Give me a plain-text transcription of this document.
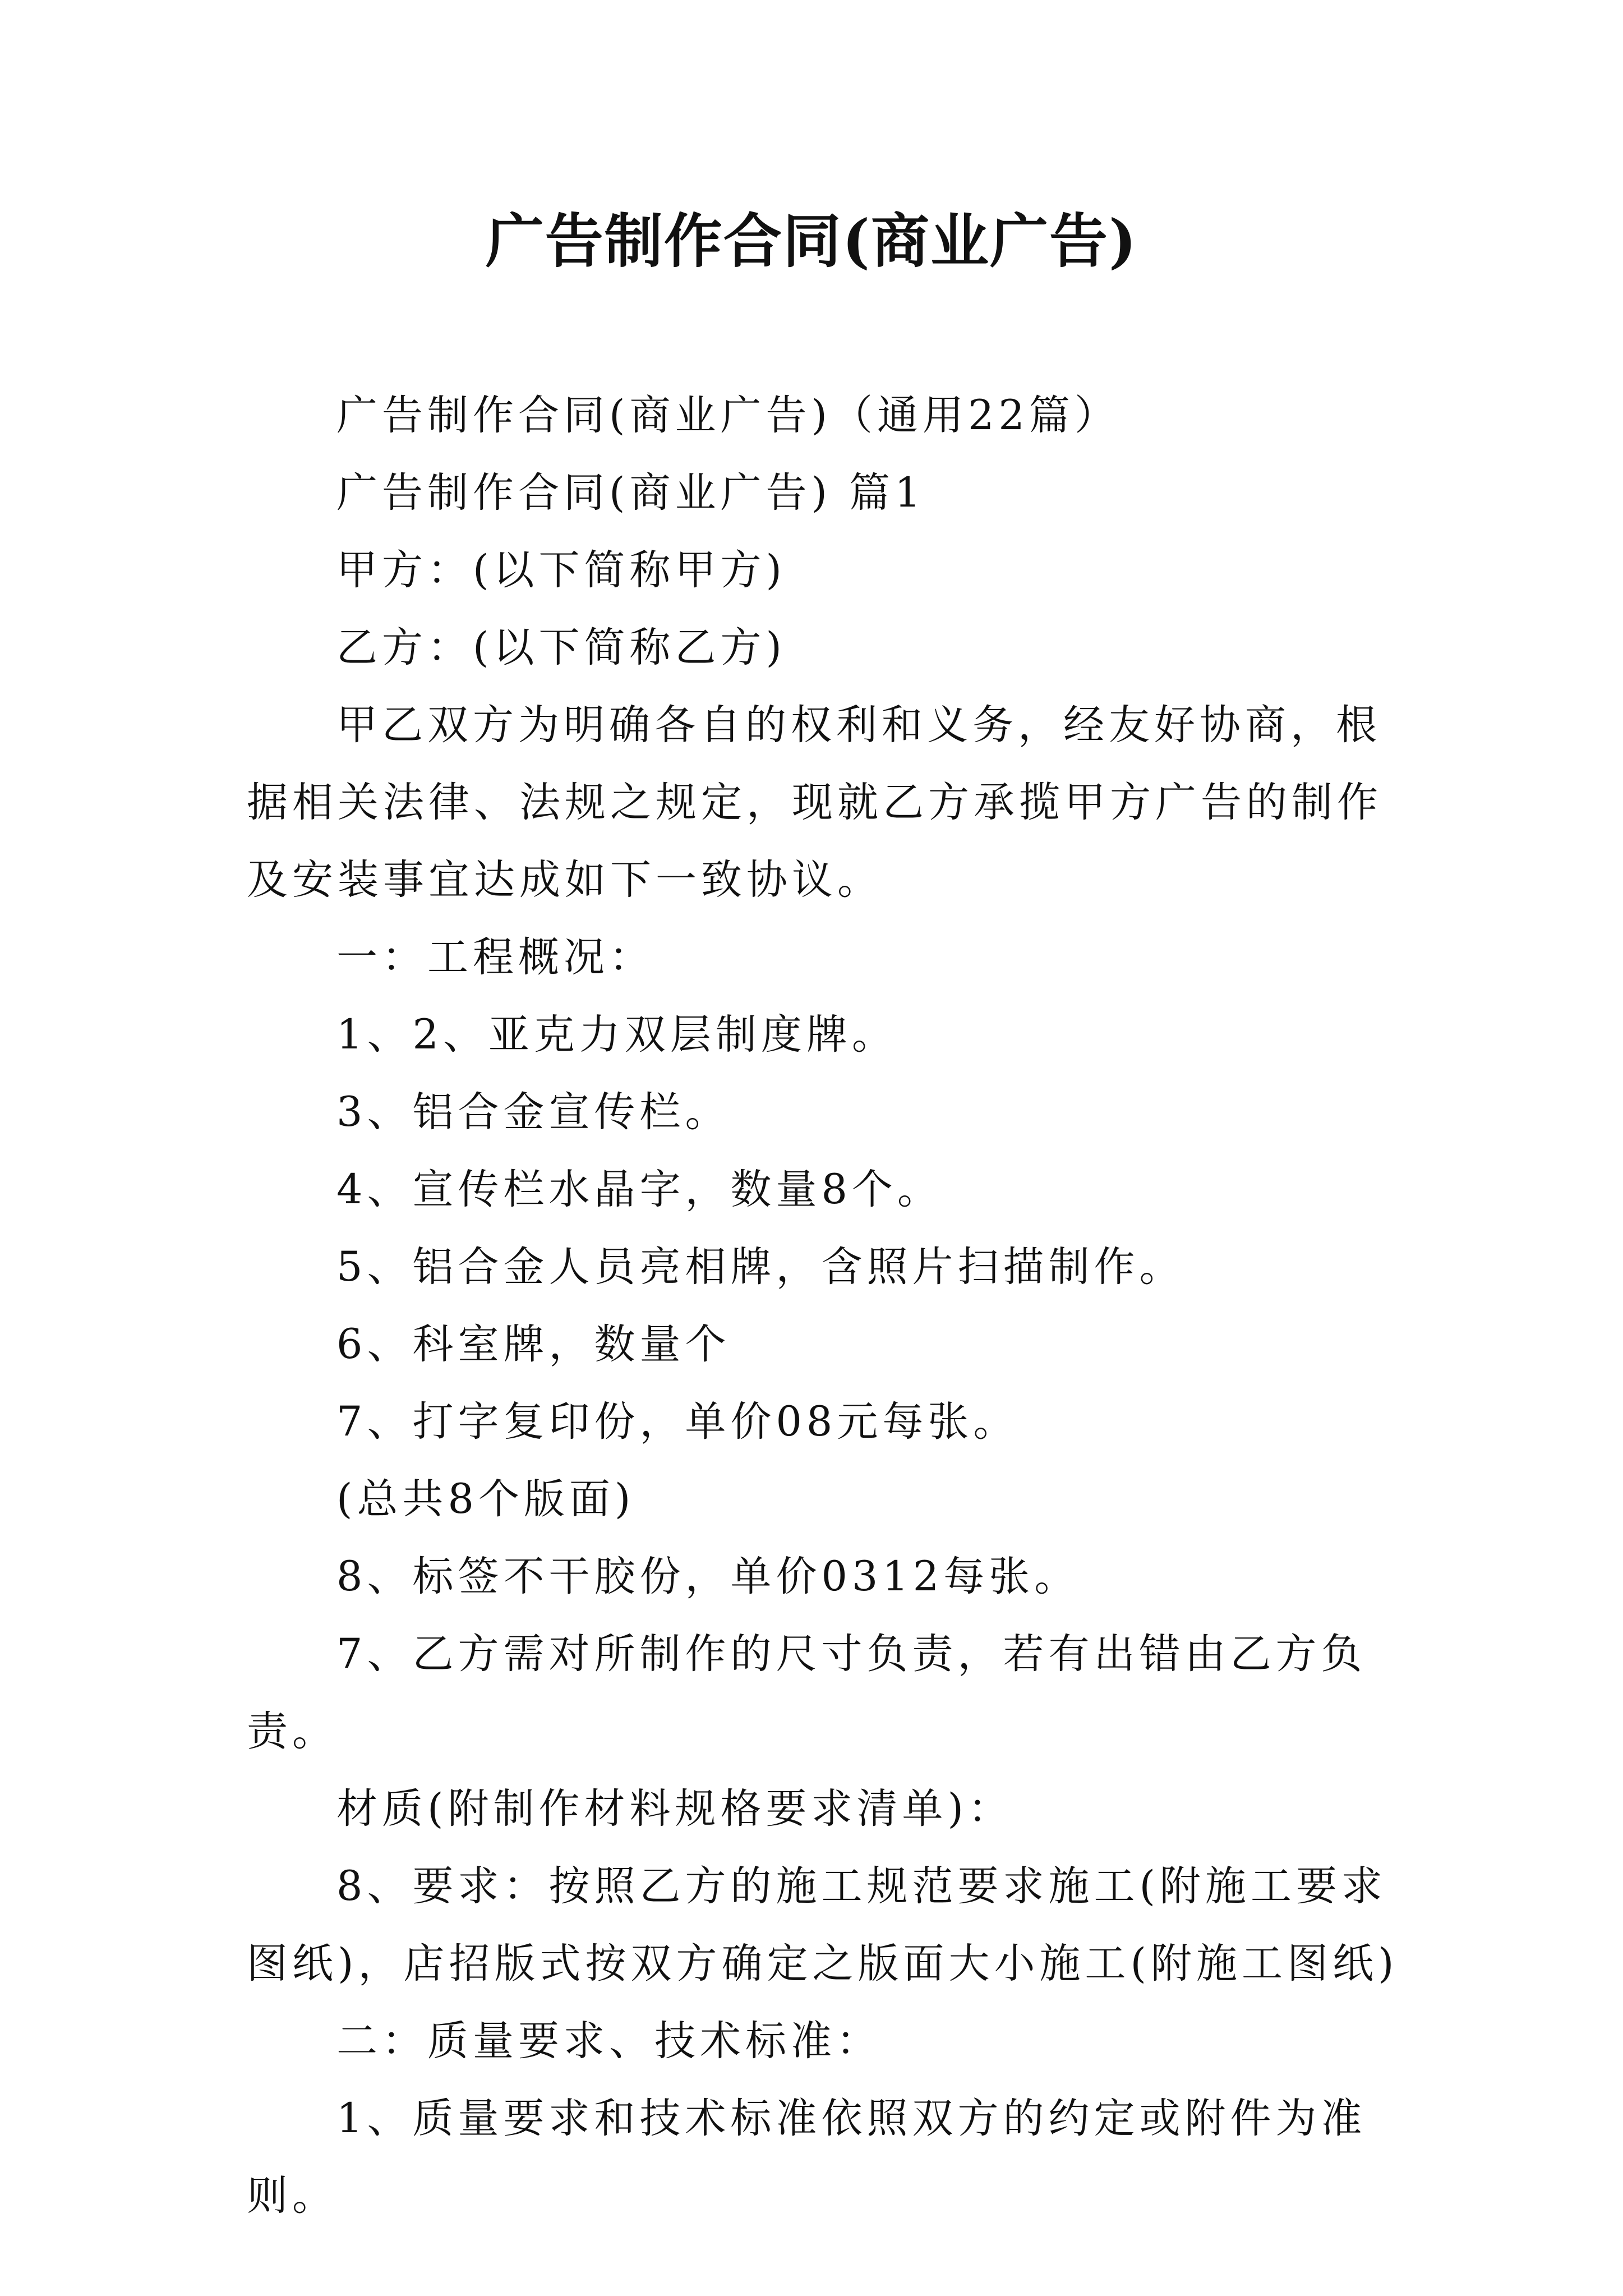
广告制作合同(商业广告)

广告制作合同(商业广告)（通用22篇）

广告制作合同(商业广告) 篇1

甲方：(以下简称甲方)

乙方：(以下简称乙方)

甲乙双方为明确各自的权利和义务，经友好协商，根据相关法律、法规之规定，现就乙方承揽甲方广告的制作及安装事宜达成如下一致协议。

一：工程概况：

1、2、亚克力双层制度牌。

3、铝合金宣传栏。

4、宣传栏水晶字，数量8个。

5、铝合金人员亮相牌，含照片扫描制作。

6、科室牌，数量个

7、打字复印份，单价08元每张。

(总共8个版面)

8、标签不干胶份，单价0312每张。

7、乙方需对所制作的尺寸负责，若有出错由乙方负责。

材质(附制作材料规格要求清单)：

8、要求：按照乙方的施工规范要求施工(附施工要求图纸)，店招版式按双方确定之版面大小施工(附施工图纸)

二：质量要求、技术标准：

1、质量要求和技术标准依照双方的约定或附件为准则。
